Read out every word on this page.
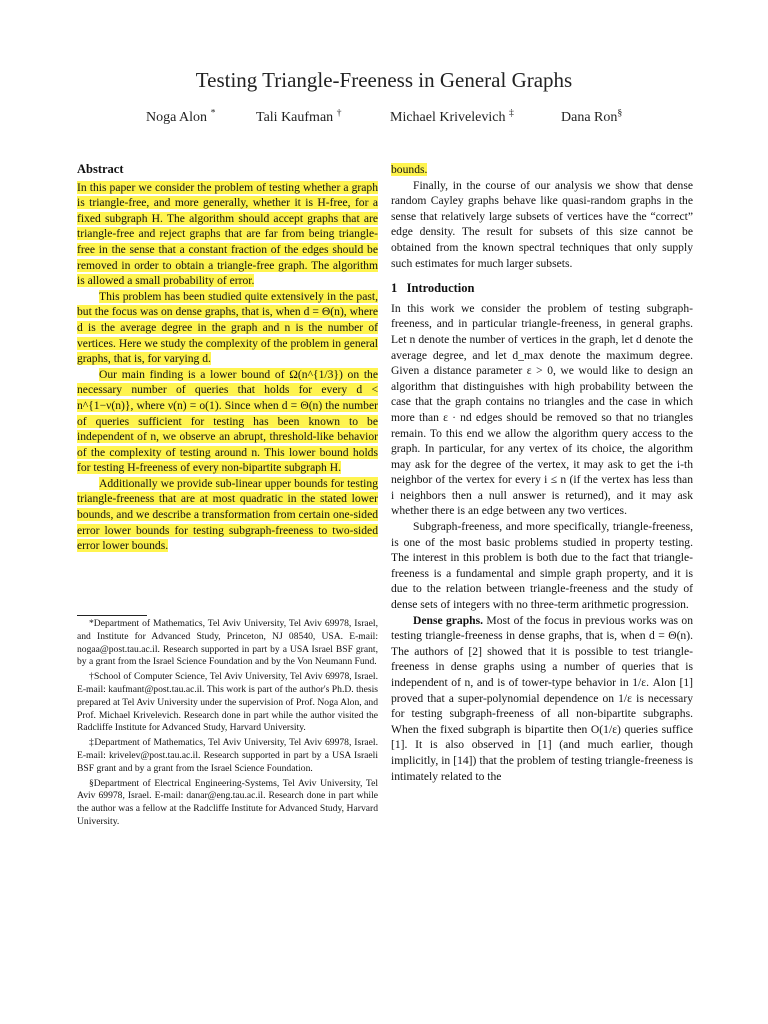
Testing Triangle-Freeness in General Graphs
Noga Alon *	Tali Kaufman †	Michael Krivelevich ‡	Dana Ron§
Abstract

In this paper we consider the problem of testing whether a graph is triangle-free, and more generally, whether it is H-free, for a fixed subgraph H. The algorithm should accept graphs that are triangle-free and reject graphs that are far from being triangle-free in the sense that a constant fraction of the edges should be removed in order to obtain a triangle-free graph. The algorithm is allowed a small probability of error.

This problem has been studied quite extensively in the past, but the focus was on dense graphs, that is, when d = Θ(n), where d is the average degree in the graph and n is the number of vertices. Here we study the complexity of the problem in general graphs, that is, for varying d.

Our main finding is a lower bound of Ω(n^{1/3}) on the necessary number of queries that holds for every d < n^{1−ν(n)}, where ν(n) = o(1). Since when d = Θ(n) the number of queries sufficient for testing has been known to be independent of n, we observe an abrupt, threshold-like behavior of the complexity of testing around n. This lower bound holds for testing H-freeness of every non-bipartite subgraph H.

Additionally we provide sub-linear upper bounds for testing triangle-freeness that are at most quadratic in the stated lower bounds, and we describe a transformation from certain one-sided error lower bounds for testing subgraph-freeness to two-sided error lower bounds.

*Department of Mathematics, Tel Aviv University, Tel Aviv 69978, Israel, and Institute for Advanced Study, Princeton, NJ 08540, USA. E-mail: nogaa@post.tau.ac.il. Research supported in part by a USA Israel BSF grant, by a grant from the Israel Science Foundation and by the Von Neumann Fund.

†School of Computer Science, Tel Aviv University, Tel Aviv 69978, Israel. E-mail: kaufmant@post.tau.ac.il. This work is part of the author's Ph.D. thesis prepared at Tel Aviv University under the supervision of Prof. Noga Alon, and Prof. Michael Krivelevich. Research done in part while the author visited the Radcliffe Institute for Advanced Study, Harvard University.

‡Department of Mathematics, Tel Aviv University, Tel Aviv 69978, Israel. E-mail: krivelev@post.tau.ac.il. Research supported in part by a USA Israeli BSF grant and by a grant from the Israel Science Foundation.

§Department of Electrical Engineering-Systems, Tel Aviv University, Tel Aviv 69978, Israel. E-mail: danar@eng.tau.ac.il. Research done in part while the author was a fellow at the Radcliffe Institute for Advanced Study, Harvard University.

bounds.

Finally, in the course of our analysis we show that dense random Cayley graphs behave like quasi-random graphs in the sense that relatively large subsets of vertices have the “correct” edge density. The result for subsets of this size cannot be obtained from the known spectral techniques that only supply such estimates for much larger subsets.

1 Introduction

In this work we consider the problem of testing subgraph-freeness, and in particular triangle-freeness, in general graphs. Let n denote the number of vertices in the graph, let d denote the average degree, and let d_max denote the maximum degree. Given a distance parameter ε > 0, we would like to design an algorithm that distinguishes with high probability between the case that the graph contains no triangles and the case in which more than ε · nd edges should be removed so that no triangles remain. To this end we allow the algorithm query access to the graph. In particular, for any vertex of its choice, the algorithm may ask for the degree of the vertex, it may ask to get the i-th neighbor of the vertex for every i ≤ n (if the vertex has less than i neighbors then a null answer is returned), and it may ask whether there is an edge between any two vertices.

Subgraph-freeness, and more specifically, triangle-freeness, is one of the most basic problems studied in property testing. The interest in this problem is both due to the fact that triangle-freeness is a fundamental and simple graph property, and it is due to the relation between triangle-freeness and the study of dense sets of integers with no three-term arithmetic progression.

Dense graphs. Most of the focus in previous works was on testing triangle-freeness in dense graphs, that is, when d = Θ(n). The authors of [2] showed that it is possible to test triangle-freeness in dense graphs using a number of queries that is independent of n, and is of tower-type behavior in 1/ε. Alon [1] proved that a super-polynomial dependence on 1/ε is necessary for testing subgraph-freeness of all non-bipartite subgraphs. When the fixed subgraph is bipartite then O(1/ε) queries suffice [1]. It is also observed in [1] (and much earlier, though implicitly, in [14]) that the problem of testing triangle-freeness is intimately related to the
